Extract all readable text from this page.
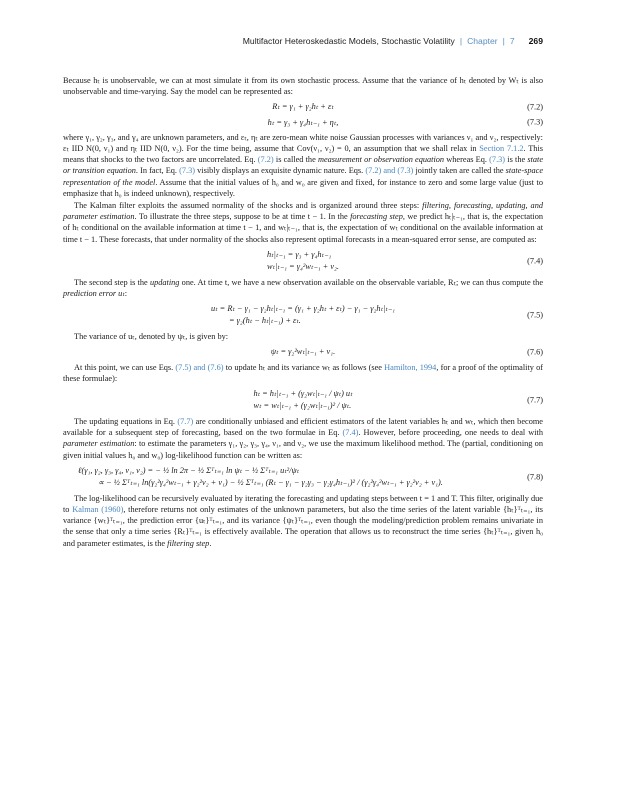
Multifactor Heteroskedastic Models, Stochastic Volatility | Chapter | 7 269

Because hₜ is unobservable, we can at most simulate it from its own stochastic process. Assume that the variance of hₜ denoted by Wₜ is also unobservable and time-varying. Say the model can be represented as:

Rₜ = γ₁ + γ₂hₜ + εₜ	(7.2)
hₜ = γ₃ + γ₄hₜ₋₁ + ηₜ,	(7.3)

where γ₁, γ₂, γ₃, and γ₄ are unknown parameters, and εₜ, ηₜ are zero-mean white noise Gaussian processes with variances ν₁ and ν₂, respectively: εₜ IID N(0, ν₁) and ηₜ IID N(0, ν₂). For the time being, assume that Cov(ν₁, ν₂) = 0, an assumption that we shall relax in Section 7.1.2. This means that shocks to the two factors are uncorrelated. Eq. (7.2) is called the measurement or observation equation whereas Eq. (7.3) is the state or transition equation. In fact, Eq. (7.3) visibly displays an exquisite dynamic nature. Eqs. (7.2) and (7.3) jointly taken are called the state-space representation of the model. Assume that the initial values of h₀ and w₀ are given and fixed, for instance to zero and some large value (just to emphasize that h₀ is indeed unknown), respectively.

The Kalman filter exploits the assumed normality of the shocks and is organized around three steps: filtering, forecasting, updating, and parameter estimation. To illustrate the three steps, suppose to be at time t − 1. In the forecasting step, we predict hₜ|ₜ₋₁, that is, the expectation of hₜ conditional on the available information at time t − 1, and wₜ|ₜ₋₁, that is, the expectation of wₜ conditional on the available information at time t − 1. These forecasts, that under normality of the shocks also represent optimal forecasts in a mean-squared error sense, are computed as:

hₜ|ₜ₋₁ = γ₃ + γ₄hₜ₋₁
wₜ|ₜ₋₁ = γ₄²wₜ₋₁ + ν₂.
(7.4)

The second step is the updating one. At time t, we have a new observation available on the observable variable, Rₜ; we can thus compute the prediction error uₜ:

uₜ = Rₜ − γ₁ − γ₂hₜ|ₜ₋₁ = (γ₁ + γ₂hₜ + εₜ) − γ₁ − γ₂hₜ|ₜ₋₁
= γ₂(hₜ − hₜ|ₜ₋₁) + εₜ.
(7.5)

The variance of uₜ, denoted by ψₜ, is given by:

ψₜ = γ₂²wₜ|ₜ₋₁ + ν₁.	(7.6)

At this point, we can use Eqs. (7.5) and (7.6) to update hₜ and its variance wₜ as follows (see Hamilton, 1994, for a proof of the optimality of these formulae):

hₜ = hₜ|ₜ₋₁ + (γ₂wₜ|ₜ₋₁ / ψₜ) uₜ
wₜ = wₜ|ₜ₋₁ + (γ₂wₜ|ₜ₋₁)² / ψₜ.
(7.7)

The updating equations in Eq. (7.7) are conditionally unbiased and efficient estimators of the latent variables hₜ and wₜ, which then become available for a subsequent step of forecasting, based on the two formulae in Eq. (7.4). However, before proceeding, one needs to deal with parameter estimation: to estimate the parameters γ₁, γ₂, γ₃, γ₄, ν₁, and ν₂, we use the maximum likelihood method. The (partial, conditioning on given initial values h₀ and w₀) log-likelihood function can be written as:

ℓ(γ₁, γ₂, γ₃, γ₄, ν₁, ν₂) = − ½ ln 2π − ½ Σᵀₜ₌₁ ln ψₜ − ½ Σᵀₜ₌₁ uₜ²/ψₜ
∝ − ½ Σᵀₜ₌₁ ln(γ₂²γ₄²wₜ₋₁ + γ₂²ν₂ + ν₁) − ½ Σᵀₜ₌₁ (Rₜ − γ₁ − γ₂γ₃ − γ₂γ₄hₜ₋₁)² / (γ₂²γ₄²wₜ₋₁ + γ₂²ν₂ + ν₁).
(7.8)

The log-likelihood can be recursively evaluated by iterating the forecasting and updating steps between t = 1 and T. This filter, originally due to Kalman (1960), therefore returns not only estimates of the unknown parameters, but also the time series of the latent variable {hₜ}ᵀₜ₌₁, its variance {wₜ}ᵀₜ₌₁, the prediction error {uₜ}ᵀₜ₌₁, and its variance {ψₜ}ᵀₜ₌₁, even though the modeling/prediction problem remains univariate in the sense that only a time series {Rₜ}ᵀₜ₌₁ is effectively available. The operation that allows us to reconstruct the time series {hₜ}ᵀₜ₌₁, given h₀ and parameter estimates, is the filtering step.
